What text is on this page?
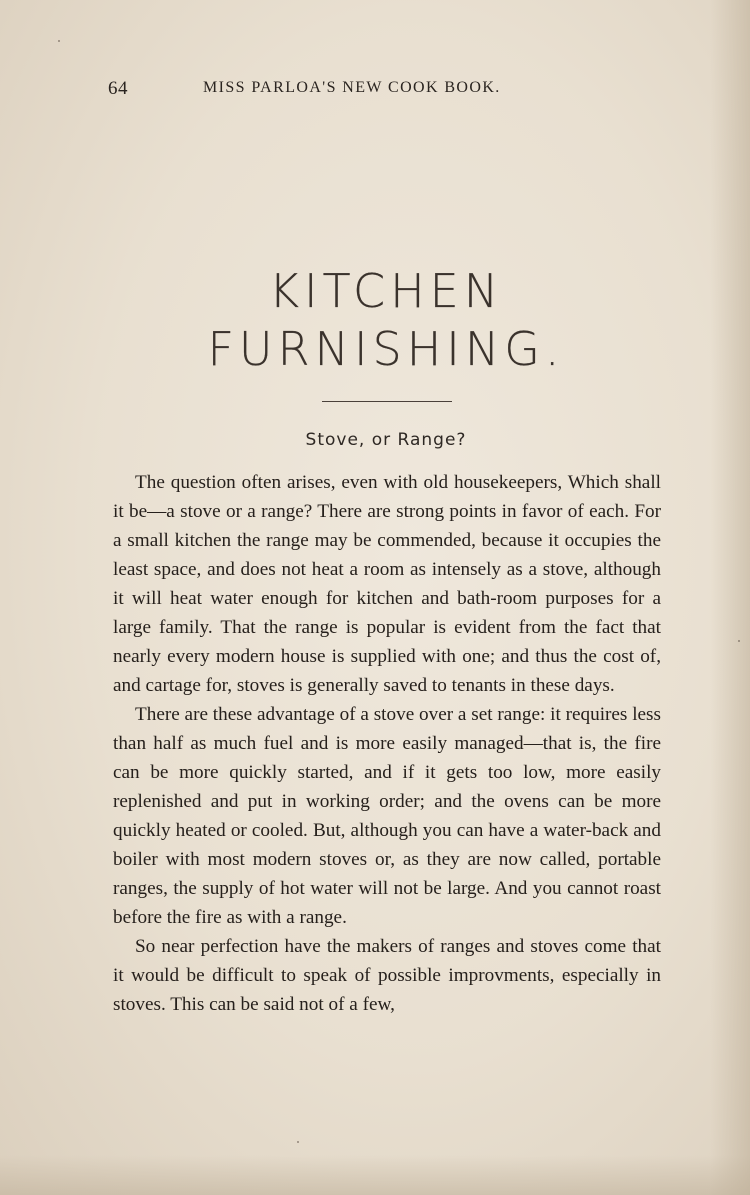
64	MISS PARLOA'S NEW COOK BOOK.
KITCHEN
FURNISHING.
Stove, or Range?

The question often arises, even with old housekeepers, Which shall it be—a stove or a range? There are strong points in favor of each. For a small kitchen the range may be commended, because it occupies the least space, and does not heat a room as intensely as a stove, although it will heat water enough for kitchen and bath-room purposes for a large family. That the range is popular is evident from the fact that nearly every modern house is supplied with one; and thus the cost of, and cartage for, stoves is generally saved to tenants in these days.

There are these advantage of a stove over a set range: it requires less than half as much fuel and is more easily managed—that is, the fire can be more quickly started, and if it gets too low, more easily replenished and put in working order; and the ovens can be more quickly heated or cooled. But, although you can have a water-back and boiler with most modern stoves or, as they are now called, portable ranges, the supply of hot water will not be large. And you cannot roast before the fire as with a range.

So near perfection have the makers of ranges and stoves come that it would be difficult to speak of possible improvments, especially in stoves. This can be said not of a few,
